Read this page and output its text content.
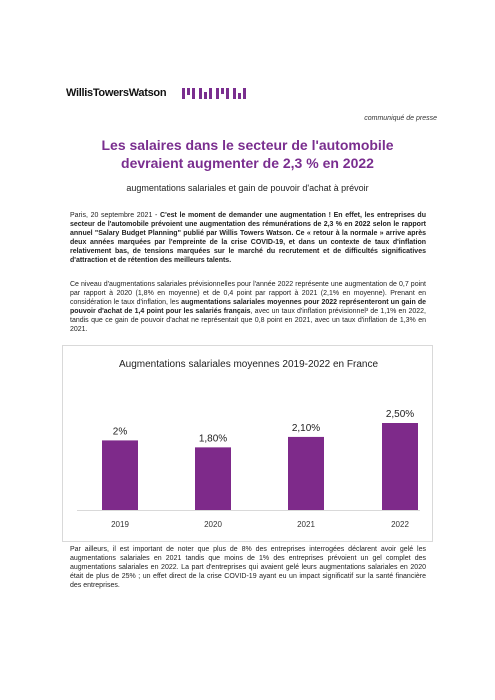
WillisTowersWatson
communiqué de presse
Les salaires dans le secteur de l'automobile
devraient augmenter de 2,3 % en 2022
augmentations salariales et gain de pouvoir d'achat à prévoir
Paris, 20 septembre 2021 - C'est le moment de demander une augmentation ! En effet, les entreprises du secteur de l'automobile prévoient une augmentation des rémunérations de 2,3 % en 2022 selon le rapport annuel "Salary Budget Planning" publié par Willis Towers Watson. Ce « retour à la normale » arrive après deux années marquées par l'empreinte de la crise COVID-19, et dans un contexte de taux d'inflation relativement bas, de tensions marquées sur le marché du recrutement et de difficultés significatives d'attraction et de rétention des meilleurs talents.
Ce niveau d'augmentations salariales prévisionnelles pour l'année 2022 représente une augmentation de 0,7 point par rapport à 2020 (1,8% en moyenne) et de 0,4 point par rapport à 2021 (2,1% en moyenne). Prenant en considération le taux d'inflation, les augmentations salariales moyennes pour 2022 représenteront un gain de pouvoir d'achat de 1,4 point pour les salariés français, avec un taux d'inflation prévisionnel³ de 1,1% en 2022, tandis que ce gain de pouvoir d'achat ne représentait que 0,8 point en 2021, avec un taux d'inflation de 1,3% en 2021.
Augmentations salariales moyennes 2019-2022 en France
2%
2019
1,80%
2020
2,10%
2021
2,50%
2022
Par ailleurs, il est important de noter que plus de 8% des entreprises interrogées déclarent avoir gelé les augmentations salariales en 2021 tandis que moins de 1% des entreprises prévoient un gel complet des augmentations salariales en 2022. La part d'entreprises qui avaient gelé leurs augmentations salariales en 2020 était de plus de 25% ; un effet direct de la crise COVID-19 ayant eu un impact significatif sur la santé financière des entreprises.
